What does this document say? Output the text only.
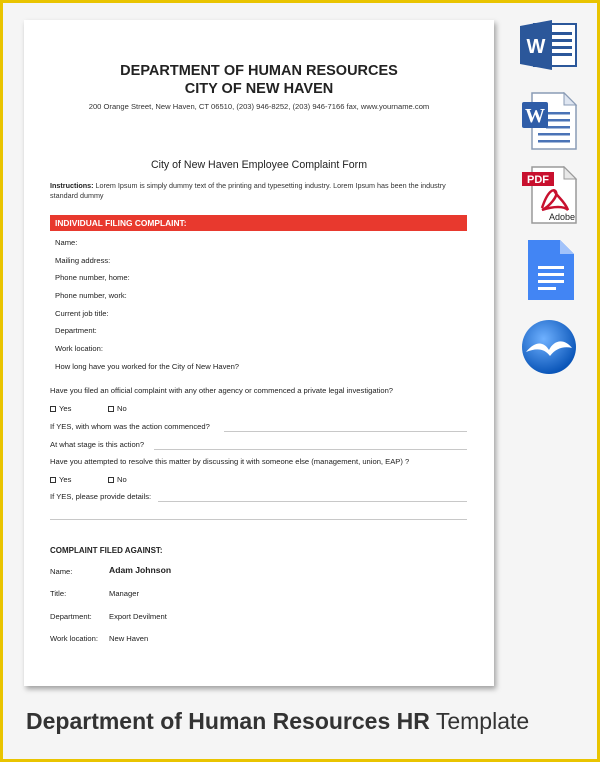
DEPARTMENT OF HUMAN RESOURCES
CITY OF NEW HAVEN
200 Orange Street, New Haven, CT 06510, (203) 946-8252, (203) 946-7166 fax, www.yourname.com
City of New Haven Employee Complaint Form
Instructions: Lorem Ipsum is simply dummy text of the printing and typesetting industry. Lorem Ipsum has been the industry standard dummy
INDIVIDUAL FILING COMPLAINT:
Name:
Mailing address:
Phone number, home:
Phone number, work:
Current job title:
Department:
Work location:
How long have you worked for the City of New Haven?
Have you filed an official complaint with any other agency or commenced a private legal investigation?
Yes	No
If YES, with whom was the action commenced?
At what stage is this action?
Have you attempted to resolve this matter by discussing it with someone else (management, union, EAP) ?
Yes	No
If YES, please provide details:
COMPLAINT FILED AGAINST:
Name:	Adam Johnson
Title:	Manager
Department: Export Devilment
Work location: New Haven
W
W
PDF
Adobe
Department of Human Resources HR Template
